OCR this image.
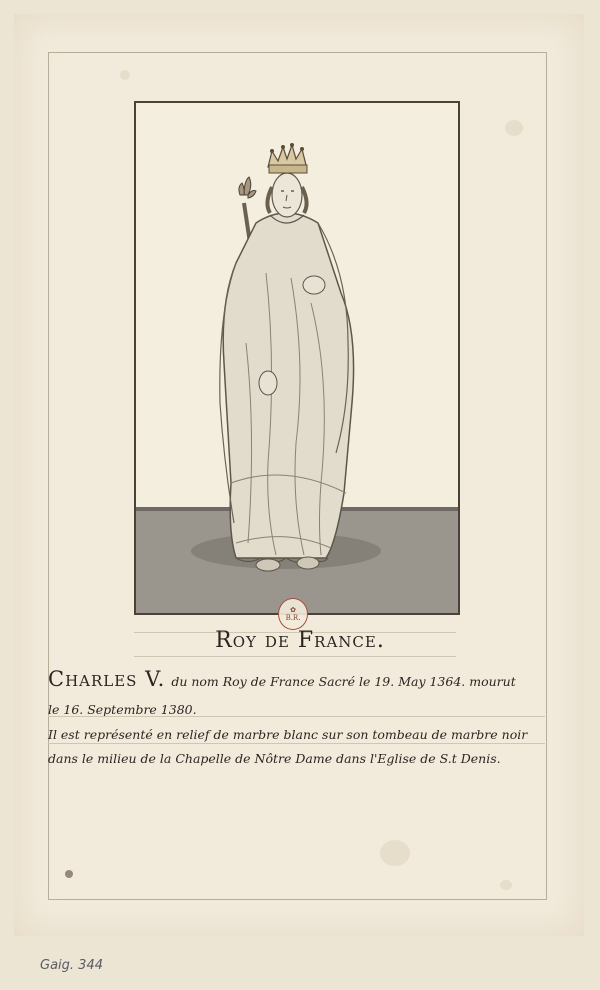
✿
B.R.
Roy de France.
Charles V. du nom Roy de France Sacré le 19. May 1364. mourut
le 16. Septembre 1380.
Il est représenté en relief de marbre blanc sur son tombeau de marbre noir
dans le milieu de la Chapelle de Nôtre Dame dans l'Eglise de S.t Denis.
Gaig. 344
